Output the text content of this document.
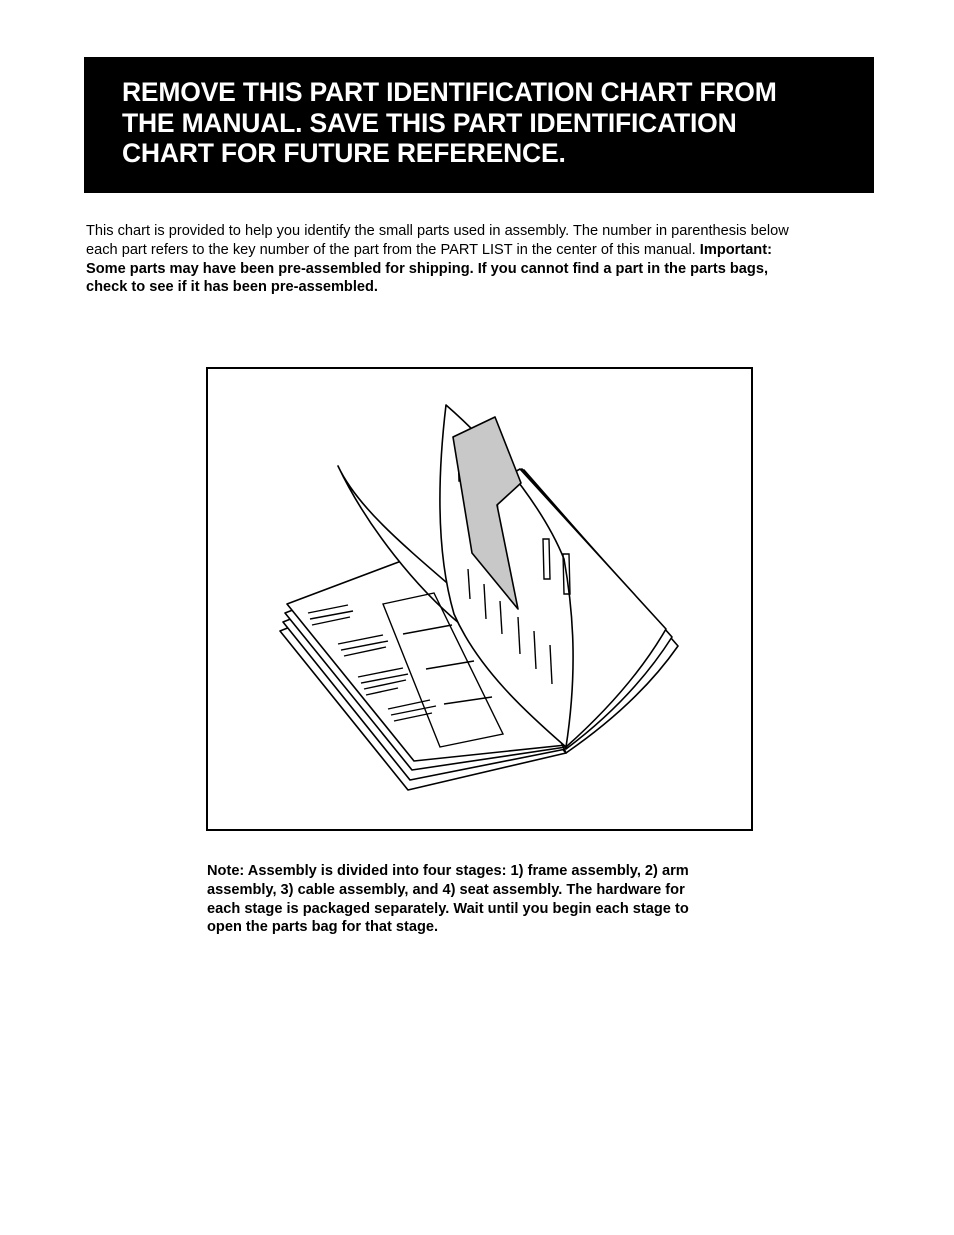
REMOVE THIS PART IDENTIFICATION CHART FROM
THE MANUAL. SAVE THIS PART IDENTIFICATION
CHART FOR FUTURE REFERENCE.
This chart is provided to help you identify the small parts used in assembly. The number in parenthesis below
each part refers to the key number of the part from the PART LIST in the center of this manual. Important:
Some parts may have been pre-assembled for shipping. If you cannot find a part in the parts bags,
check to see if it has been pre-assembled.
Note: Assembly is divided into four stages: 1) frame assembly, 2) arm
assembly, 3) cable assembly, and 4) seat assembly. The hardware for
each stage is packaged separately. Wait until you begin each stage to
open the parts bag for that stage.
